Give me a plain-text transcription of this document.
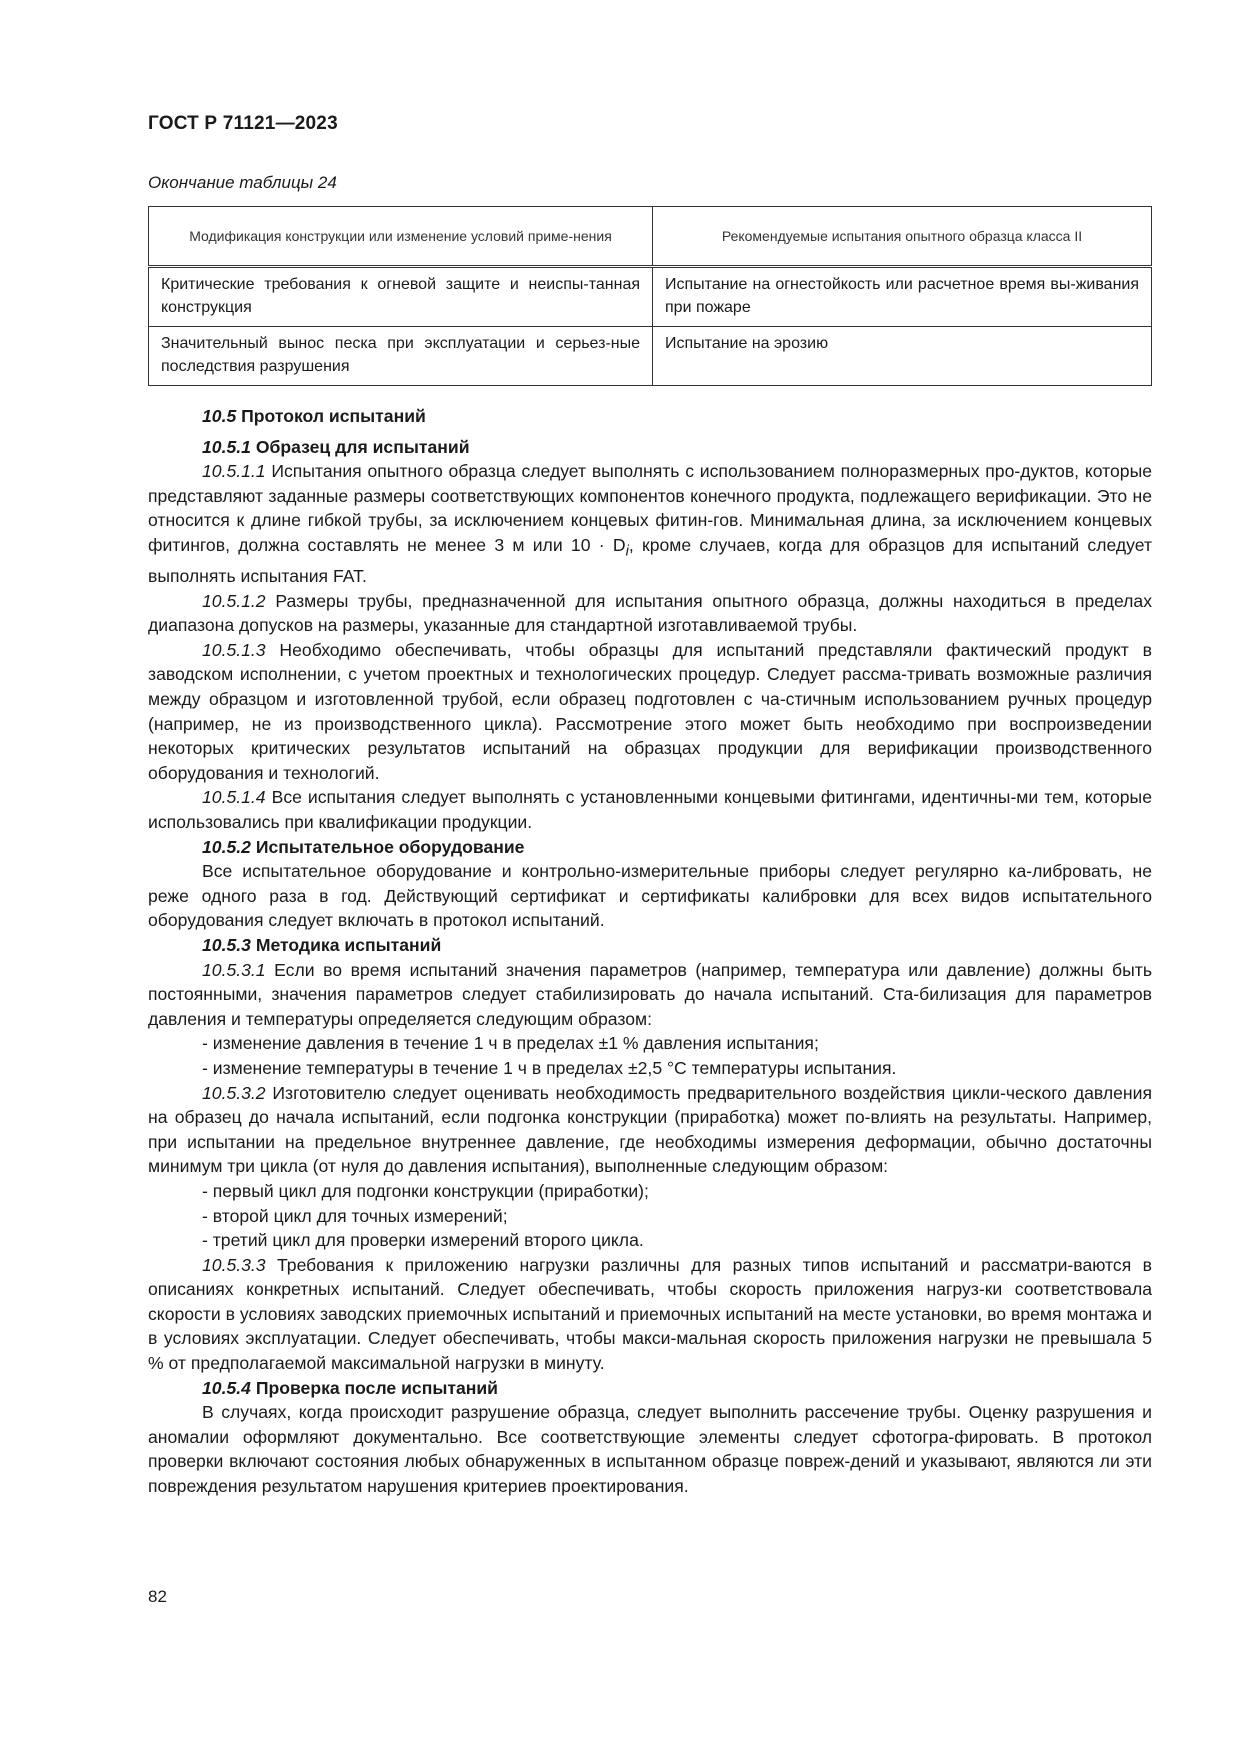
ГОСТ Р 71121—2023
Окончание таблицы 24
Модификация конструкции или изменение условий приме-нения	Рекомендуемые испытания опытного образца класса II
Критические требования к огневой защите и неиспы-танная конструкция	Испытание на огнестойкость или расчетное время вы-живания при пожаре
Значительный вынос песка при эксплуатации и серьез-ные последствия разрушения	Испытание на эрозию

10.5 Протокол испытаний

10.5.1 Образец для испытаний

10.5.1.1 Испытания опытного образца следует выполнять с использованием полноразмерных про-дуктов, которые представляют заданные размеры соответствующих компонентов конечного продукта, подлежащего верификации. Это не относится к длине гибкой трубы, за исключением концевых фитин-гов. Минимальная длина, за исключением концевых фитингов, должна составлять не менее 3 м или $10 \cdot D_i$, кроме случаев, когда для образцов для испытаний следует выполнять испытания FAT.

10.5.1.2 Размеры трубы, предназначенной для испытания опытного образца, должны находиться в пределах диапазона допусков на размеры, указанные для стандартной изготавливаемой трубы.

10.5.1.3 Необходимо обеспечивать, чтобы образцы для испытаний представляли фактический продукт в заводском исполнении, с учетом проектных и технологических процедур. Следует рассма-тривать возможные различия между образцом и изготовленной трубой, если образец подготовлен с ча-стичным использованием ручных процедур (например, не из производственного цикла). Рассмотрение этого может быть необходимо при воспроизведении некоторых критических результатов испытаний на образцах продукции для верификации производственного оборудования и технологий.

10.5.1.4 Все испытания следует выполнять с установленными концевыми фитингами, идентичны-ми тем, которые использовались при квалификации продукции.

10.5.2 Испытательное оборудование

Все испытательное оборудование и контрольно-измерительные приборы следует регулярно ка-либровать, не реже одного раза в год. Действующий сертификат и сертификаты калибровки для всех видов испытательного оборудования следует включать в протокол испытаний.

10.5.3 Методика испытаний

10.5.3.1 Если во время испытаний значения параметров (например, температура или давление) должны быть постоянными, значения параметров следует стабилизировать до начала испытаний. Ста-билизация для параметров давления и температуры определяется следующим образом:

- изменение давления в течение 1 ч в пределах ±1 % давления испытания;

- изменение температуры в течение 1 ч в пределах ±2,5 °С температуры испытания.

10.5.3.2 Изготовителю следует оценивать необходимость предварительного воздействия цикли-ческого давления на образец до начала испытаний, если подгонка конструкции (приработка) может по-влиять на результаты. Например, при испытании на предельное внутреннее давление, где необходимы измерения деформации, обычно достаточны минимум три цикла (от нуля до давления испытания), выполненные следующим образом:

- первый цикл для подгонки конструкции (приработки);

- второй цикл для точных измерений;

- третий цикл для проверки измерений второго цикла.

10.5.3.3 Требования к приложению нагрузки различны для разных типов испытаний и рассматри-ваются в описаниях конкретных испытаний. Следует обеспечивать, чтобы скорость приложения нагруз-ки соответствовала скорости в условиях заводских приемочных испытаний и приемочных испытаний на месте установки, во время монтажа и в условиях эксплуатации. Следует обеспечивать, чтобы макси-мальная скорость приложения нагрузки не превышала 5 % от предполагаемой максимальной нагрузки в минуту.

10.5.4 Проверка после испытаний

В случаях, когда происходит разрушение образца, следует выполнить рассечение трубы. Оценку разрушения и аномалии оформляют документально. Все соответствующие элементы следует сфотогра-фировать. В протокол проверки включают состояния любых обнаруженных в испытанном образце повреж-дений и указывают, являются ли эти повреждения результатом нарушения критериев проектирования.

82
